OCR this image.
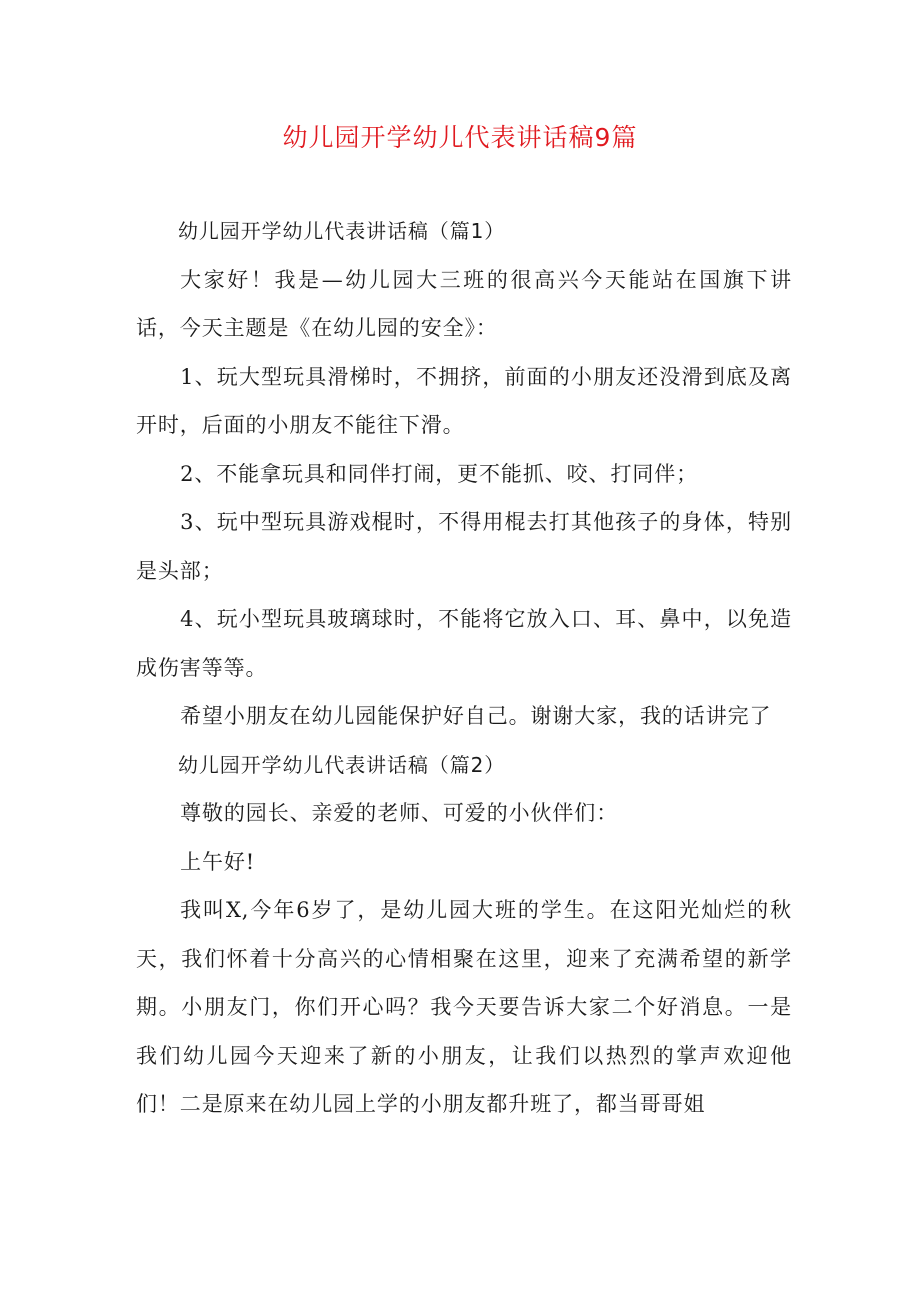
幼儿园开学幼儿代表讲话稿9篇

幼儿园开学幼儿代表讲话稿（篇1）

大家好！我是—幼儿园大三班的很高兴今天能站在国旗下讲话，今天主题是《在幼儿园的安全》：

1、玩大型玩具滑梯时，不拥挤，前面的小朋友还没滑到底及离开时，后面的小朋友不能往下滑。

2、不能拿玩具和同伴打闹，更不能抓、咬、打同伴；

3、玩中型玩具游戏棍时，不得用棍去打其他孩子的身体，特别是头部；

4、玩小型玩具玻璃球时，不能将它放入口、耳、鼻中，以免造成伤害等等。

希望小朋友在幼儿园能保护好自己。谢谢大家，我的话讲完了

幼儿园开学幼儿代表讲话稿（篇2）

尊敬的园长、亲爱的老师、可爱的小伙伴们：

上午好!

我叫X,今年6岁了，是幼儿园大班的学生。在这阳光灿烂的秋天，我们怀着十分高兴的心情相聚在这里，迎来了充满希望的新学期。小朋友门，你们开心吗？我今天要告诉大家二个好消息。一是我们幼儿园今天迎来了新的小朋友，让我们以热烈的掌声欢迎他们！二是原来在幼儿园上学的小朋友都升班了，都当哥哥姐
